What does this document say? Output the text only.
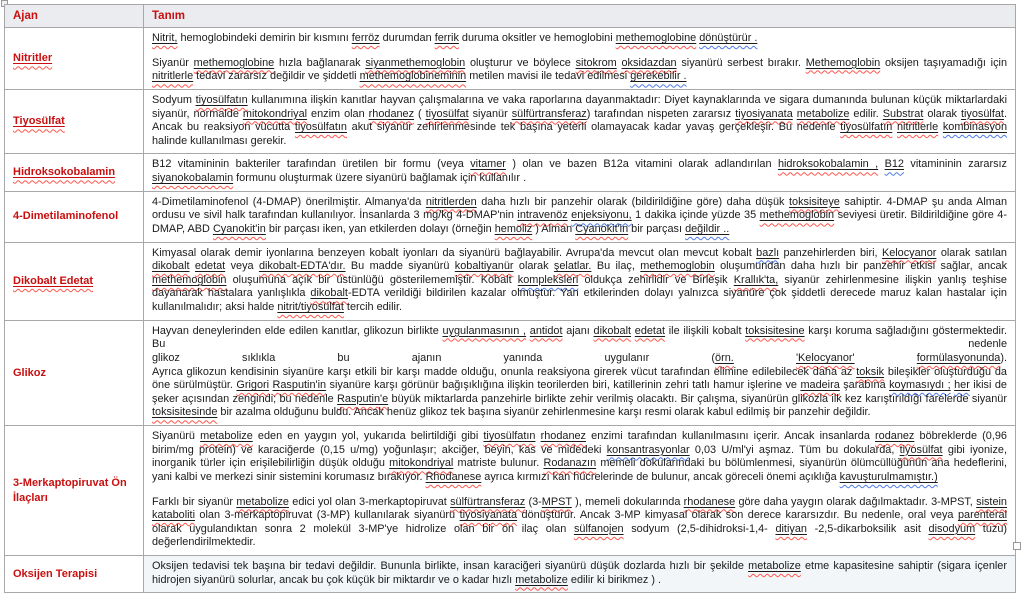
Ajan	Tanım
Nitritler	Nitrit, hemoglobindeki demirin bir kısmını ferröz durumdan ferrik duruma oksitler ve hemoglobini methemoglobine dönüştürür .
Siyanür methemoglobine hızla bağlanarak siyanmethemoglobin oluşturur ve böylece sitokrom oksidazdan siyanürü serbest bırakır. Methemoglobin oksijen taşıyamadığı için nitritlerle tedavi zararsız değildir ve şiddetli methemoglobineminin metilen mavisi ile tedavi edilmesi gerekebilir .

Tiyosülfat	Sodyum tiyosülfatın kullanımına ilişkin kanıtlar hayvan çalışmalarına ve vaka raporlarına dayanmaktadır: Diyet kaynaklarında ve sigara dumanında bulunan küçük miktarlardaki siyanür, normalde mitokondriyal enzim olan rhodanez ( tiyosülfat siyanür sülfürtransferaz) tarafından nispeten zararsız tiyosiyanata metabolize edilir. Substrat olarak tiyosülfat. Ancak bu reaksiyon vücutta tiyosülfatın akut siyanür zehirlenmesinde tek başına yeterli olamayacak kadar yavaş gerçekleşir. Bu nedenle tiyosülfatın nitritlerle kombinasyon halinde kullanılması gerekir.

Hidroksokobalamin	B12 vitamininin bakteriler tarafından üretilen bir formu (veya vitamer ) olan ve bazen B12a vitamini olarak adlandırılan hidroksokobalamin , B12 vitamininin zararsız siyanokobalamin formunu oluşturmak üzere siyanürü bağlamak için kullanılır .

4-Dimetilaminofenol	4-Dimetilaminofenol (4-DMAP) önerilmiştir. Almanya'da nitritlerden daha hızlı bir panzehir olarak (bildirildiğine göre) daha düşük toksisiteye sahiptir. 4-DMAP şu anda Alman ordusu ve sivil halk tarafından kullanılıyor. İnsanlarda 3 mg/kg 4-DMAP'nin intravenöz enjeksiyonu, 1 dakika içinde yüzde 35 methemoglobin seviyesi üretir. Bildirildiğine göre 4-DMAP, ABD Cyanokit'in bir parçası iken, yan etkilerden dolayı (örneğin hemoliz ) Alman Cyanokit'in bir parçası değildir ..

Dikobalt Edetat	Kimyasal olarak demir iyonlarına benzeyen kobalt iyonları da siyanürü bağlayabilir. Avrupa'da mevcut olan mevcut kobalt bazlı panzehirlerden biri, Kelocyanor olarak satılan dikobalt edetat veya dikobalt-EDTA'dır. Bu madde siyanürü kobaltiyanür olarak şelatlar. Bu ilaç, methemoglobin oluşumundan daha hızlı bir panzehir etkisi sağlar, ancak methemoglobin oluşumuna açık bir üstünlüğü gösterilememiştir. Kobalt kompleksleri oldukça zehirlidir ve Birleşik Krallık'ta, siyanür zehirlenmesine ilişkin yanlış teşhise dayanarak hastalara yanlışlıkla dikobalt-EDTA verildiği bildirilen kazalar olmuştur. Yan etkilerinden dolayı yalnızca siyanüre çok şiddetli derecede maruz kalan hastalar için kullanılmalıdır; aksi halde nitrit/tiyosülfat tercih edilir.

Glikoz	Hayvan deneylerinden elde edilen kanıtlar, glikozun birlikte uygulanmasının , antidot ajanı dikobalt edetat ile ilişkili kobalt toksisitesine karşı koruma sağladığını göstermektedir. Bu nedenle
glikoz sıklıkla bu ajanın yanında uygulanır (örn. 'Kelocyanor' formülasyonunda).
Ayrıca glikozun kendisinin siyanüre karşı etkili bir karşı madde olduğu, onunla reaksiyona girerek vücut tarafından elimine edilebilecek daha az toksik bileşikler oluşturduğu da öne sürülmüştür. Grigori Rasputin'in siyanüre karşı görünür bağışıklığına ilişkin teorilerden biri, katillerinin zehri tatlı hamur işlerine ve madeira şarabına koymasıydı ; her ikisi de şeker açısından zengindi; bu nedenle Rasputin'e büyük miktarlarda panzehirle birlikte zehir verilmiş olacaktı. Bir çalışma, siyanürün glikozla ilk kez karıştırıldığı farelerde siyanür toksisitesinde bir azalma olduğunu buldu. Ancak henüz glikoz tek başına siyanür zehirlenmesine karşı resmi olarak kabul edilmiş bir panzehir değildir.

3-Merkaptopiruvat Ön İlaçları	Siyanürü metabolize eden en yaygın yol, yukarıda belirtildiği gibi tiyosülfatın rhodanez enzimi tarafından kullanılmasını içerir. Ancak insanlarda rodanez böbreklerde (0,96 birim/mg protein) ve karaciğerde (0,15 u/mg) yoğunlaşır; akciğer, beyin, kas ve midedeki konsantrasyonlar 0,03 U/ml'yi aşmaz. Tüm bu dokularda, tiyosülfat gibi iyonize, inorganik türler için erişilebilirliğin düşük olduğu mitokondriyal matriste bulunur. Rodanazın memeli dokularındaki bu bölümlenmesi, siyanürün ölümcüllüğünün ana hedeflerini, yani kalbi ve merkezi sinir sistemini korumasız bırakıyor. Rhodanese ayrıca kırmızı kan hücrelerinde de bulunur, ancak göreceli önemi açıklığa kavuşturulmamıştır.)
Farklı bir siyanür metabolize edici yol olan 3-merkaptopiruvat sülfürtransferaz (3-MPST ), memeli dokularında rhodanese göre daha yaygın olarak dağılmaktadır. 3-MPST, sistein kataboliti olan 3-merkaptopiruvat (3-MP) kullanılarak siyanürü tiyosiyanata dönüştürür. Ancak 3-MP kimyasal olarak son derece kararsızdır. Bu nedenle, oral veya parenteral olarak uygulandıktan sonra 2 molekül 3-MP'ye hidrolize olan bir ön ilaç olan sülfanojen sodyum (2,5-dihidroksi-1,4- ditiyan -2,5-dikarboksilik asit disodyum tuzu) değerlendirilmektedir.

Oksijen Terapisi	Oksijen tedavisi tek başına bir tedavi değildir. Bununla birlikte, insan karaciğeri siyanürü düşük dozlarda hızlı bir şekilde metabolize etme kapasitesine sahiptir (sigara içenler hidrojen siyanürü solurlar, ancak bu çok küçük bir miktardır ve o kadar hızlı metabolize edilir ki birikmez ) .
